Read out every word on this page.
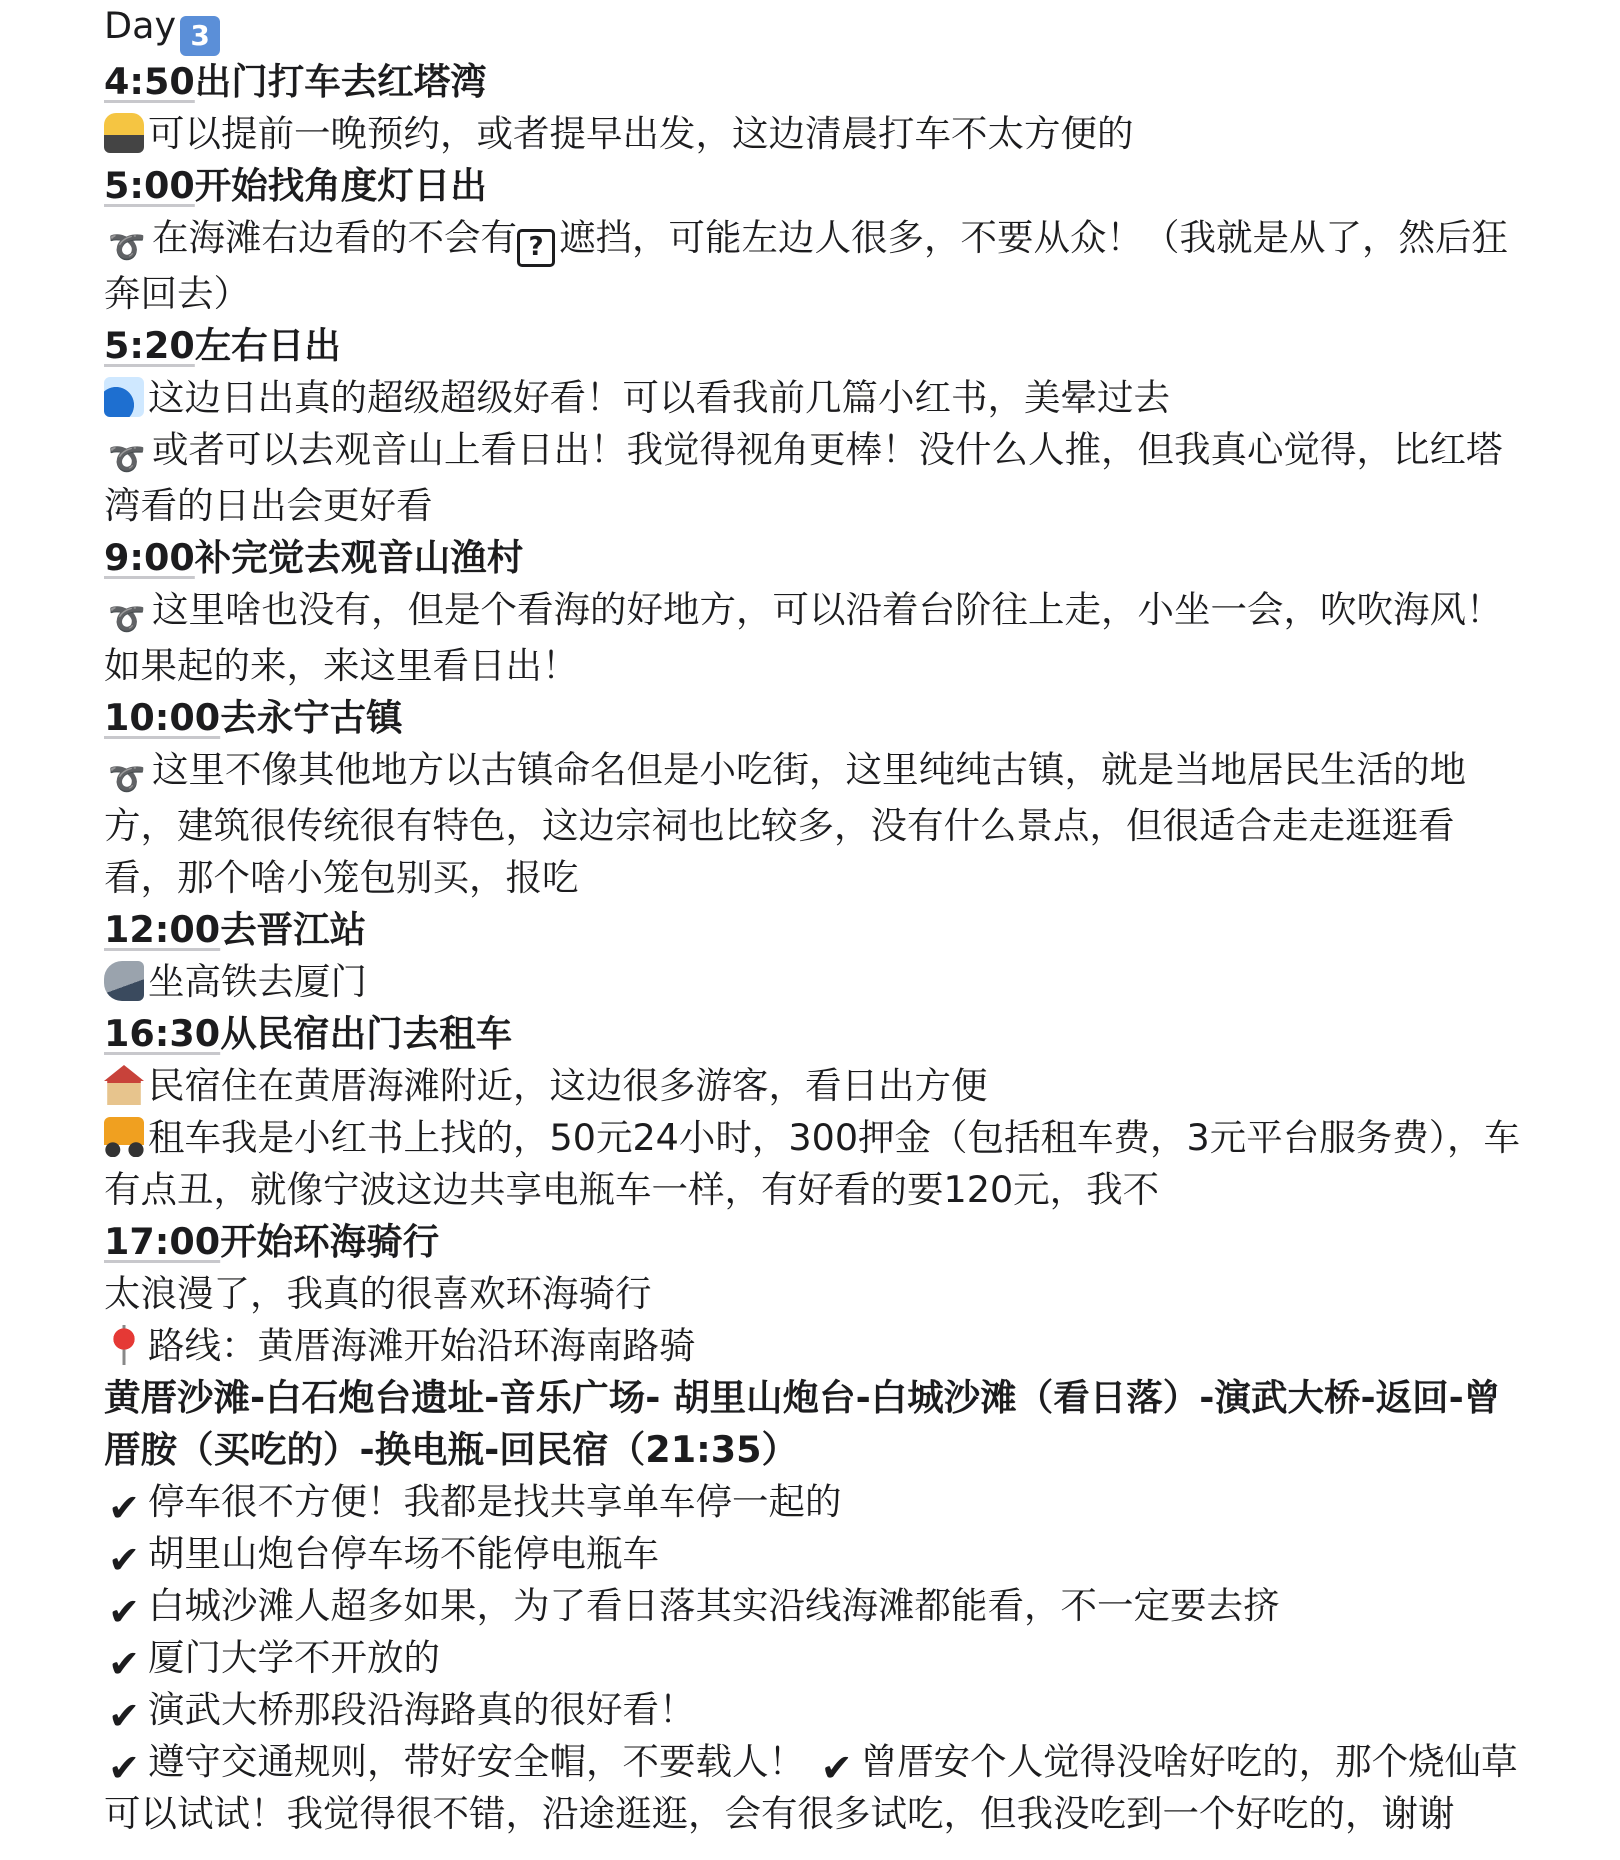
Day 3

4:50出门打车去红塔湾

可以提前一晚预约，或者提早出发，这边清晨打车不太方便的

5:00开始找角度灯日出

➰ 在海滩右边看的不会有 ? 遮挡，可能左边人很多，不要从众！（我就是从了，然后狂奔回去）

5:20左右日出

这边日出真的超级超级好看！可以看我前几篇小红书，美晕过去

➰ 或者可以去观音山上看日出！我觉得视角更棒！没什么人推，但我真心觉得，比红塔湾看的日出会更好看

9:00补完觉去观音山渔村

➰ 这里啥也没有，但是个看海的好地方，可以沿着台阶往上走，小坐一会，吹吹海风！如果起的来，来这里看日出！

10:00去永宁古镇

➰ 这里不像其他地方以古镇命名但是小吃街，这里纯纯古镇，就是当地居民生活的地方，建筑很传统很有特色，这边宗祠也比较多，没有什么景点，但很适合走走逛逛看看，那个啥小笼包别买，报吃

12:00去晋江站

坐高铁去厦门

16:30从民宿出门去租车

民宿住在黄厝海滩附近，这边很多游客，看日出方便

租车我是小红书上找的，50元24小时，300押金（包括租车费，3元平台服务费），车有点丑，就像宁波这边共享电瓶车一样，有好看的要120元，我不

17:00开始环海骑行

太浪漫了，我真的很喜欢环海骑行

路线：黄厝海滩开始沿环海南路骑

黄厝沙滩-白石炮台遗址-音乐广场- 胡里山炮台-白城沙滩（看日落）-演武大桥-返回-曾厝胺（买吃的）-换电瓶-回民宿（21:35）

✔ 停车很不方便！我都是找共享单车停一起的

✔ 胡里山炮台停车场不能停电瓶车

✔ 白城沙滩人超多如果，为了看日落其实沿线海滩都能看，不一定要去挤

✔ 厦门大学不开放的

✔ 演武大桥那段沿海路真的很好看！

✔ 遵守交通规则，带好安全帽，不要载人！ ✔ 曾厝安个人觉得没啥好吃的，那个烧仙草可以试试！我觉得很不错，沿途逛逛，会有很多试吃，但我没吃到一个好吃的，谢谢
